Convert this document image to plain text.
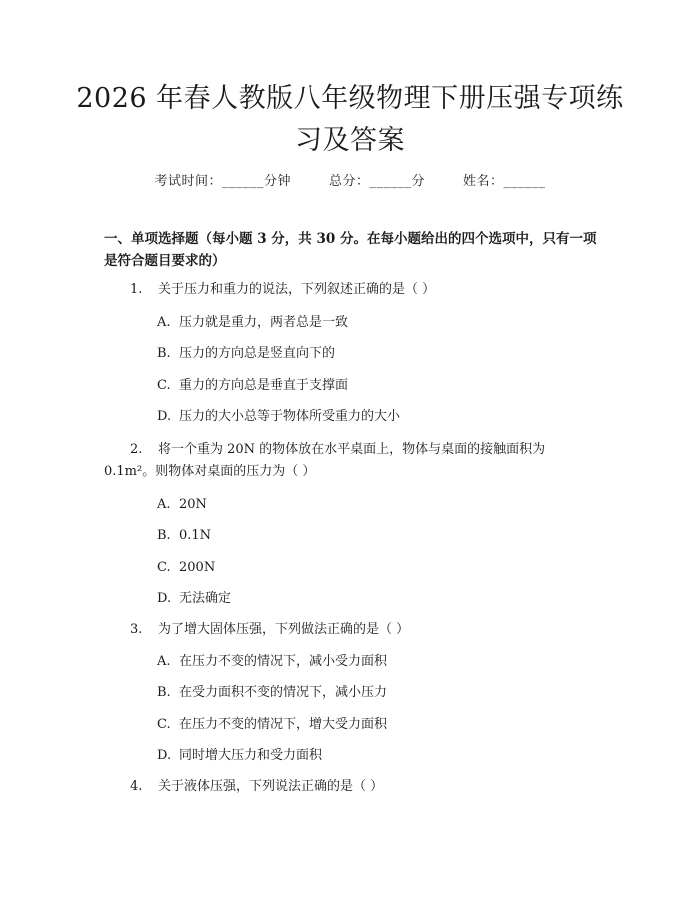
2026 年春人教版八年级物理下册压强专项练习及答案
考试时间：______分钟	总分：______分	姓名：______
一、单项选择题（每小题 3 分，共 30 分。在每小题给出的四个选项中，只有一项是符合题目要求的）
1. 关于压力和重力的说法，下列叙述正确的是（ ）
A. 压力就是重力，两者总是一致
B. 压力的方向总是竖直向下的
C. 重力的方向总是垂直于支撑面
D. 压力的大小总等于物体所受重力的大小
2. 将一个重为 20N 的物体放在水平桌面上，物体与桌面的接触面积为 0.1m²。则物体对桌面的压力为（ ）
A. 20N
B. 0.1N
C. 200N
D. 无法确定
3. 为了增大固体压强，下列做法正确的是（ ）
A. 在压力不变的情况下，减小受力面积
B. 在受力面积不变的情况下，减小压力
C. 在压力不变的情况下，增大受力面积
D. 同时增大压力和受力面积
4. 关于液体压强，下列说法正确的是（ ）
